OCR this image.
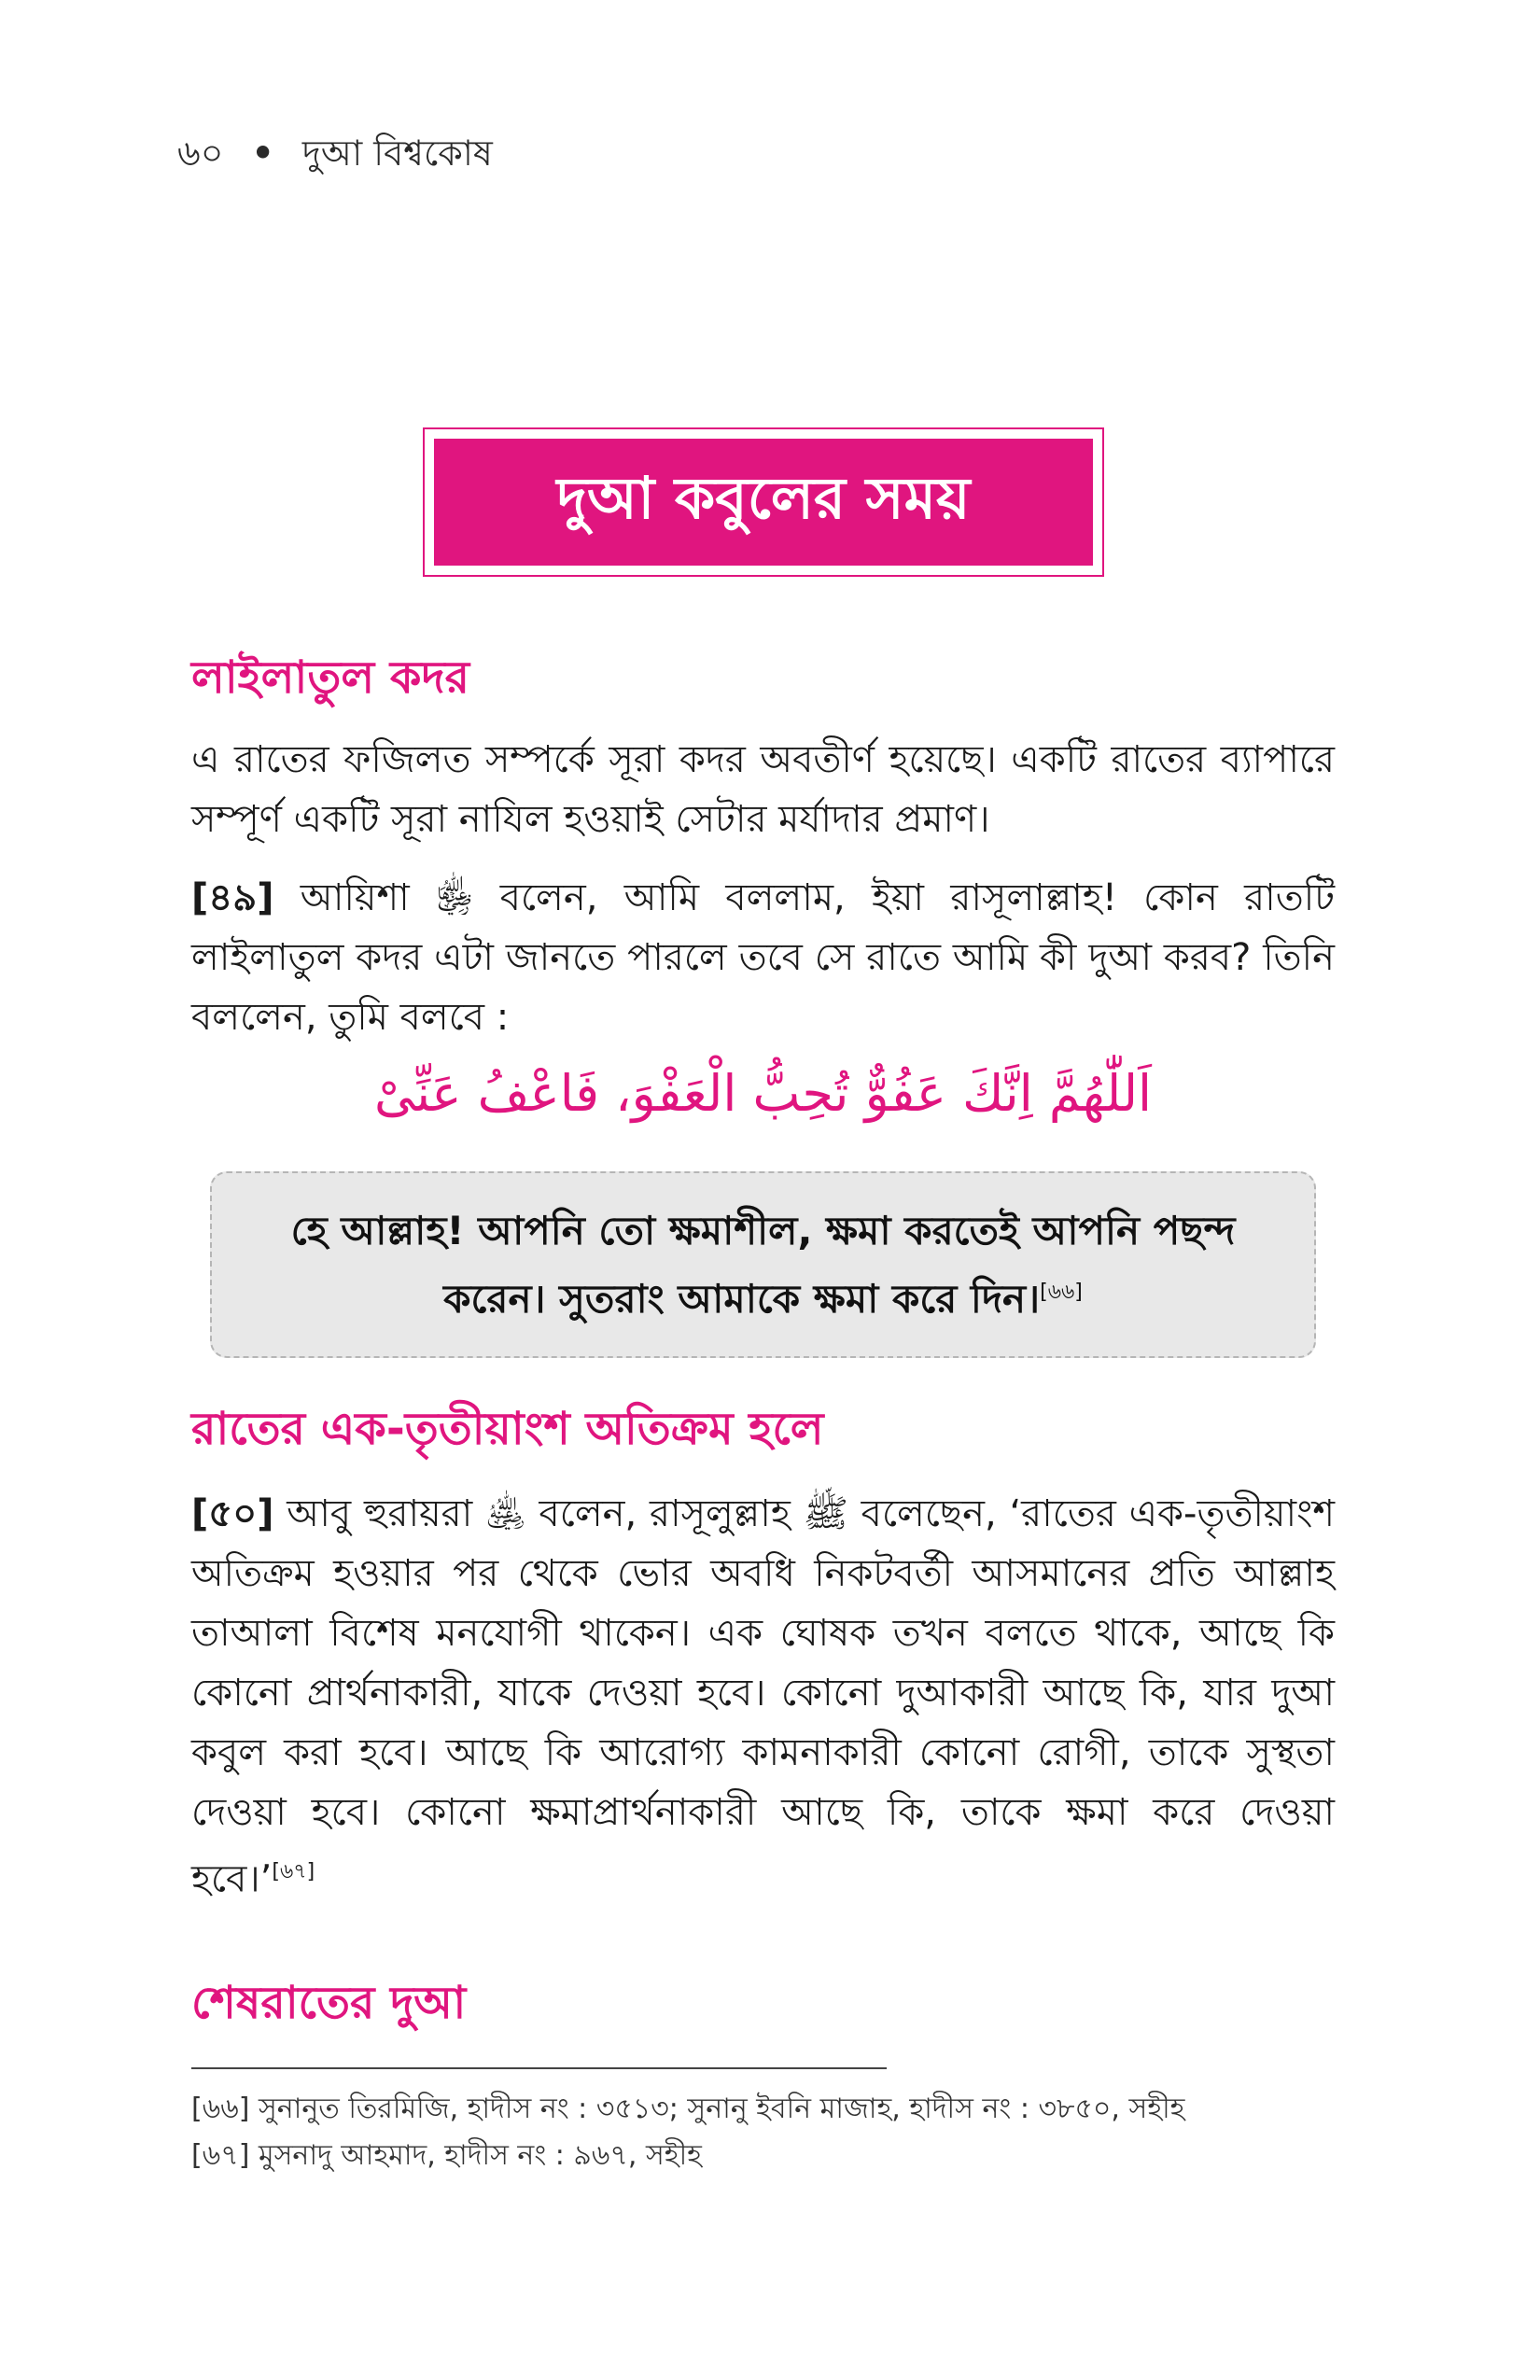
৬০ • দুআ বিশ্বকোষ
দুআ কবুলের সময়
লাইলাতুল কদর
এ রাতের ফজিলত সম্পর্কে সূরা কদর অবতীর্ণ হয়েছে। একটি রাতের ব্যাপারে সম্পূর্ণ একটি সূরা নাযিল হওয়াই সেটার মর্যাদার প্রমাণ।
[৪৯] আয়িশা ﵂ বলেন, আমি বললাম, ইয়া রাসূলাল্লাহ! কোন রাতটি লাইলাতুল কদর এটা জানতে পারলে তবে সে রাতে আমি কী দুআ করব? তিনি বললেন, তুমি বলবে :
اَللّٰهُمَّ اِنَّكَ عَفُوٌّ تُحِبُّ الْعَفْوَ، فَاعْفُ عَنِّیْ
হে আল্লাহ! আপনি তো ক্ষমাশীল, ক্ষমা করতেই আপনি পছন্দ করেন। সুতরাং আমাকে ক্ষমা করে দিন।[৬৬]
রাতের এক-তৃতীয়াংশ অতিক্রম হলে
[৫০] আবু হুরায়রা ﵁ বলেন, রাসূলুল্লাহ ﷺ বলেছেন, ‘রাতের এক-তৃতীয়াংশ অতিক্রম হওয়ার পর থেকে ভোর অবধি নিকটবর্তী আসমানের প্রতি আল্লাহ তাআলা বিশেষ মনযোগী থাকেন। এক ঘোষক তখন বলতে থাকে, আছে কি কোনো প্রার্থনাকারী, যাকে দেওয়া হবে। কোনো দুআকারী আছে কি, যার দুআ কবুল করা হবে। আছে কি আরোগ্য কামনাকারী কোনো রোগী, তাকে সুস্থতা দেওয়া হবে। কোনো ক্ষমাপ্রার্থনাকারী আছে কি, তাকে ক্ষমা করে দেওয়া হবে।’[৬৭]
শেষরাতের দুআ
[৬৬] সুনানুত তিরমিজি, হাদীস নং : ৩৫১৩; সুনানু ইবনি মাজাহ, হাদীস নং : ৩৮৫০, সহীহ
[৬৭] মুসনাদু আহমাদ, হাদীস নং : ৯৬৭, সহীহ
